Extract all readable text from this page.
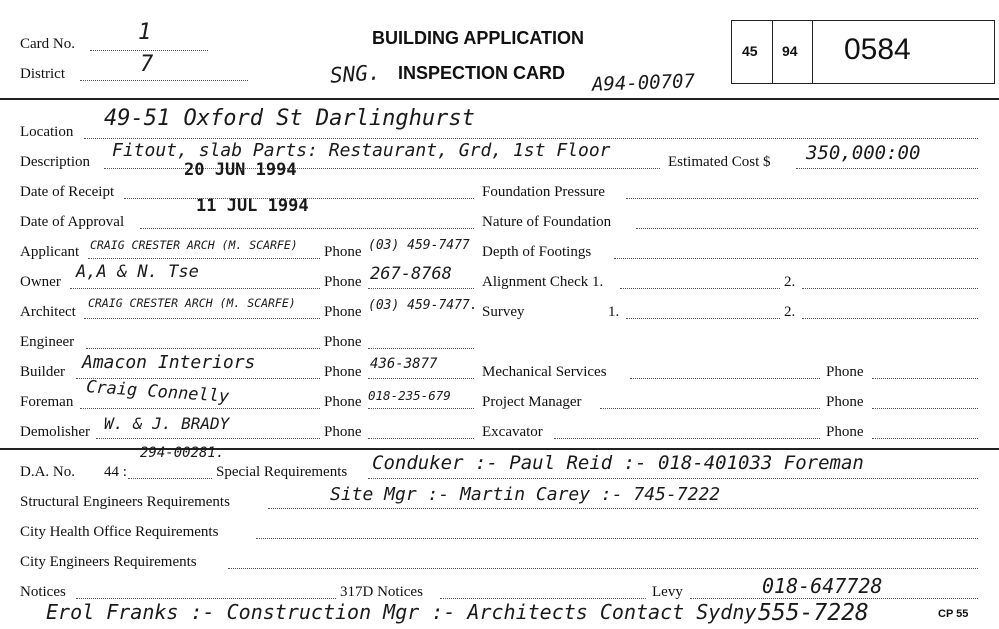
Card No.	1
District	7
BUILDING APPLICATION
INSPECTION CARD
SNG.	A94-00707
45 94 0584
Location
49-51 Oxford St Darlinghurst
Description
Fitout, slab Parts: Restaurant, Grd, 1st Floor
Estimated Cost $ 350,000:00
Date of Receipt
20 JUN 1994
Date of Approval
11 JUL 1994
Applicant CRAIG CRESTER ARCH (M. SCARFE) Phone (03) 459-7477
Owner A,A & N. Tse	Phone 267-8768
Architect
CRAIG CRESTER ARCH (M. SCARFE)
Phone (03) 459-7477.
Engineer	Phone
Builder Amacon Interiors	Phone 436-3877
Foreman Craig Connelly	Phone 018-235-679
Demolisher W. & J. BRADY	Phone
Foundation Pressure
Nature of Foundation
Depth of Footings
Alignment Check 1.	2.
Survey	1.	2.
Mechanical Services	Phone
Project Manager	Phone
Excavator	Phone
D.A. No. 44 :
294-00281.
Special Requirements Conduker :- Paul Reid :- 018-401033 Foreman
Structural Engineers Requirements	Site Mgr :- Martin Carey :- 745-7222
City Health Office Requirements
City Engineers Requirements
Notices	317D Notices	Levy	018-647728
Erol Franks :- Construction Mgr :- Architects Contact Sydny 555-7228	CP 55
